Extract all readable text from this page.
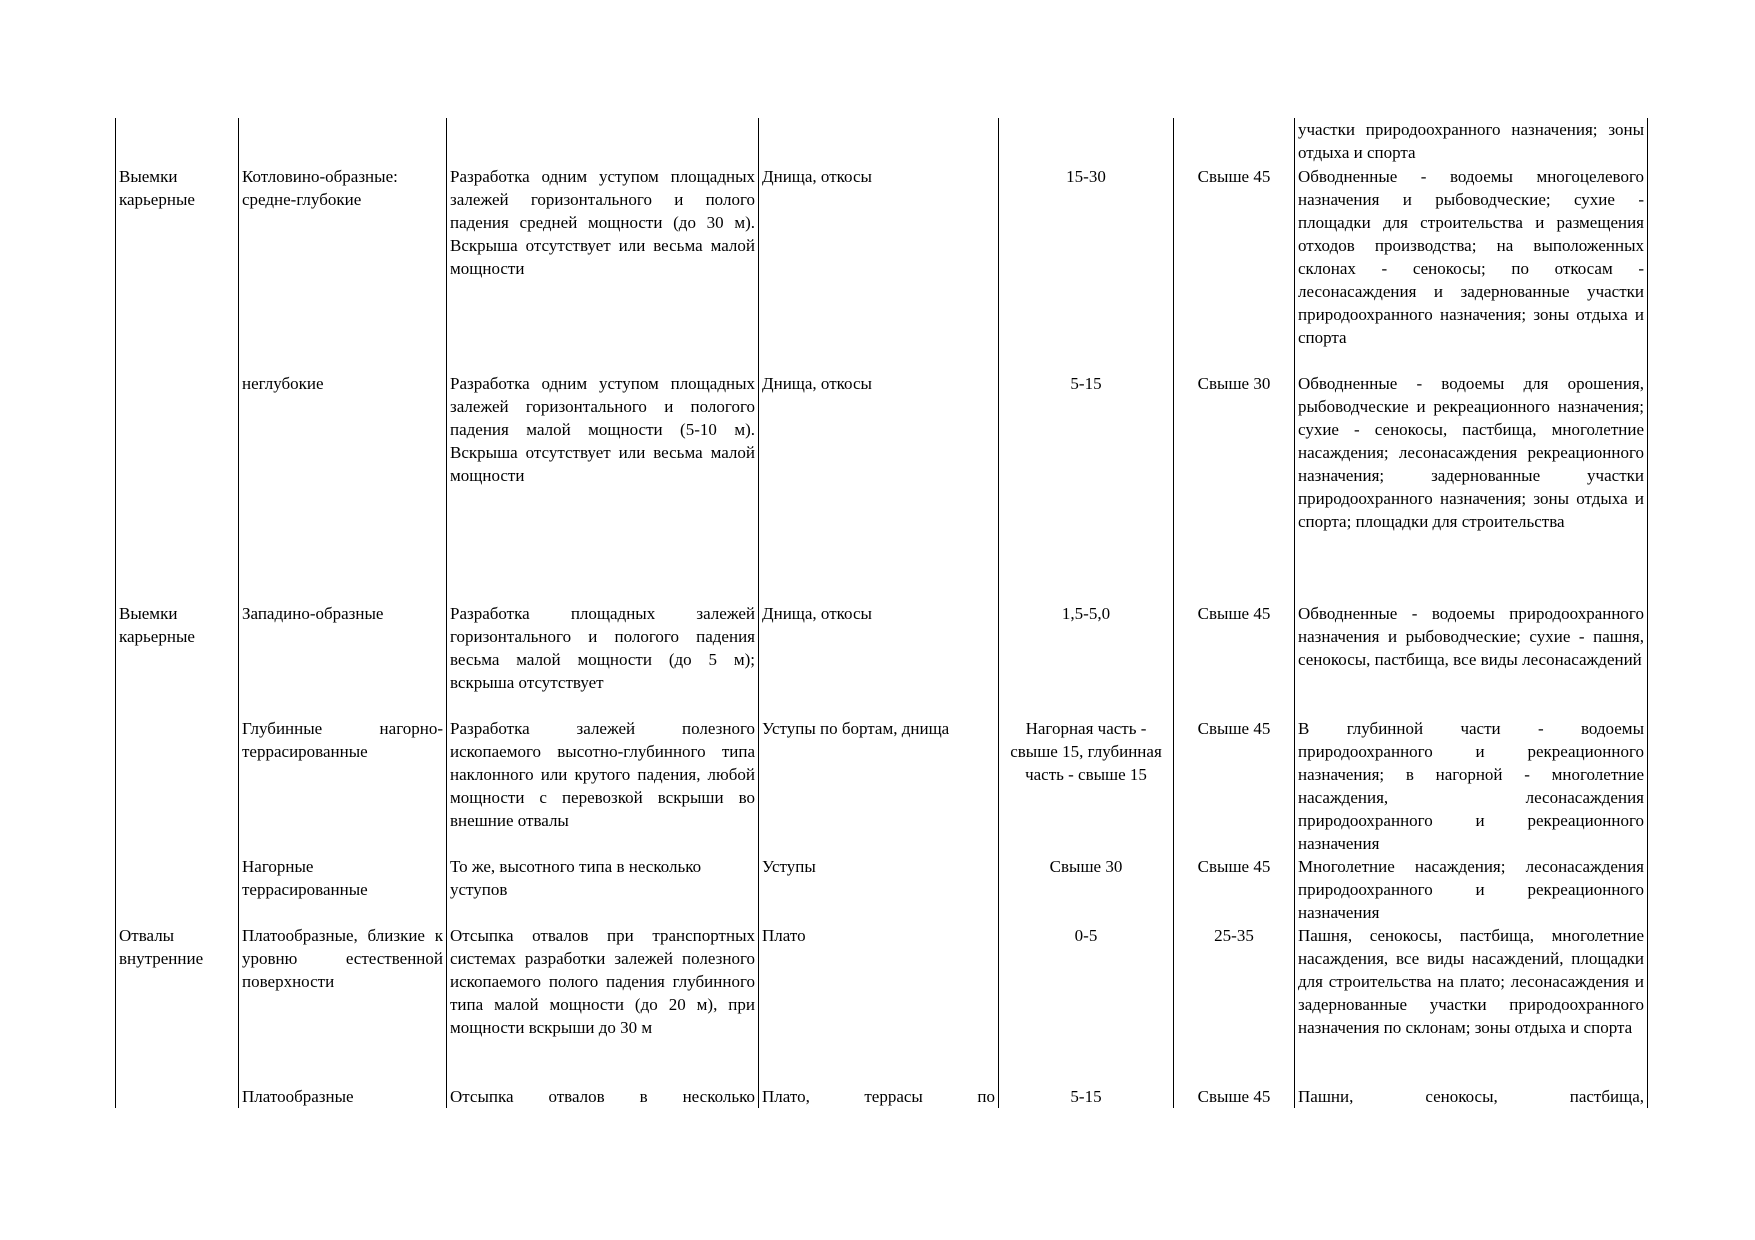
						участки природоохранного назначения; зоны отдыха и спорта
Выемки карьерные	Котловино-образные: средне-глубокие	Разработка одним уступом площадных залежей горизонтального и полого падения средней мощности (до 30 м). Вскрыша отсутствует или весьма малой мощности	Днища, откосы	15-30	Свыше 45	Обводненные - водоемы многоцелевого назначения и рыбоводческие; сухие - площадки для строительства и размещения отходов производства; на выположенных склонах - сенокосы; по откосам - лесонасаждения и задернованные участки природоохранного назначения; зоны отдыха и спорта
	неглубокие	Разработка одним уступом площадных залежей горизонтального и пологого падения малой мощности (5-10 м). Вскрыша отсутствует или весьма малой мощности	Днища, откосы	5-15	Свыше 30	Обводненные - водоемы для орошения, рыбоводческие и рекреационного назначения; сухие - сенокосы, пастбища, многолетние насаждения; лесонасаждения рекреационного назначения; задернованные участки природоохранного назначения; зоны отдыха и спорта; площадки для строительства
Выемки карьерные	Западино-образные	Разработка площадных залежей горизонтального и пологого падения весьма малой мощности (до 5 м); вскрыша отсутствует	Днища, откосы	1,5-5,0	Свыше 45	Обводненные - водоемы природоохранного назначения и рыбоводческие; сухие - пашня, сенокосы, пастбища, все виды лесонасаждений
	Глубинные нагорно-террасированные	Разработка залежей полезного ископаемого высотно-глубинного типа наклонного или крутого падения, любой мощности с перевозкой вскрыши во внешние отвалы	Уступы по бортам, днища	Нагорная часть - свыше 15, глубинная часть - свыше 15	Свыше 45	В глубинной части - водоемы природоохранного и рекреационного назначения; в нагорной - многолетние насаждения, лесонасаждения природоохранного и рекреационного назначения
	Нагорные террасированные	То же, высотного типа в несколько уступов	Уступы	Свыше 30	Свыше 45	Многолетние насаждения; лесонасаждения природоохранного и рекреационного назначения
Отвалы внутренние	Платообразные, близкие к уровню естественной поверхности	Отсыпка отвалов при транспортных системах разработки залежей полезного ископаемого полого падения глубинного типа малой мощности (до 20 м), при мощности вскрыши до 30 м	Плато	0-5	25-35	Пашня, сенокосы, пастбища, многолетние насаждения, все виды насаждений, площадки для строительства на плато; лесонасаждения и задернованные участки природоохранного назначения по склонам; зоны отдыха и спорта
	Платообразные	Отсыпка отвалов в несколько	Плато, террасы по	5-15	Свыше 45	Пашни, сенокосы, пастбища,
